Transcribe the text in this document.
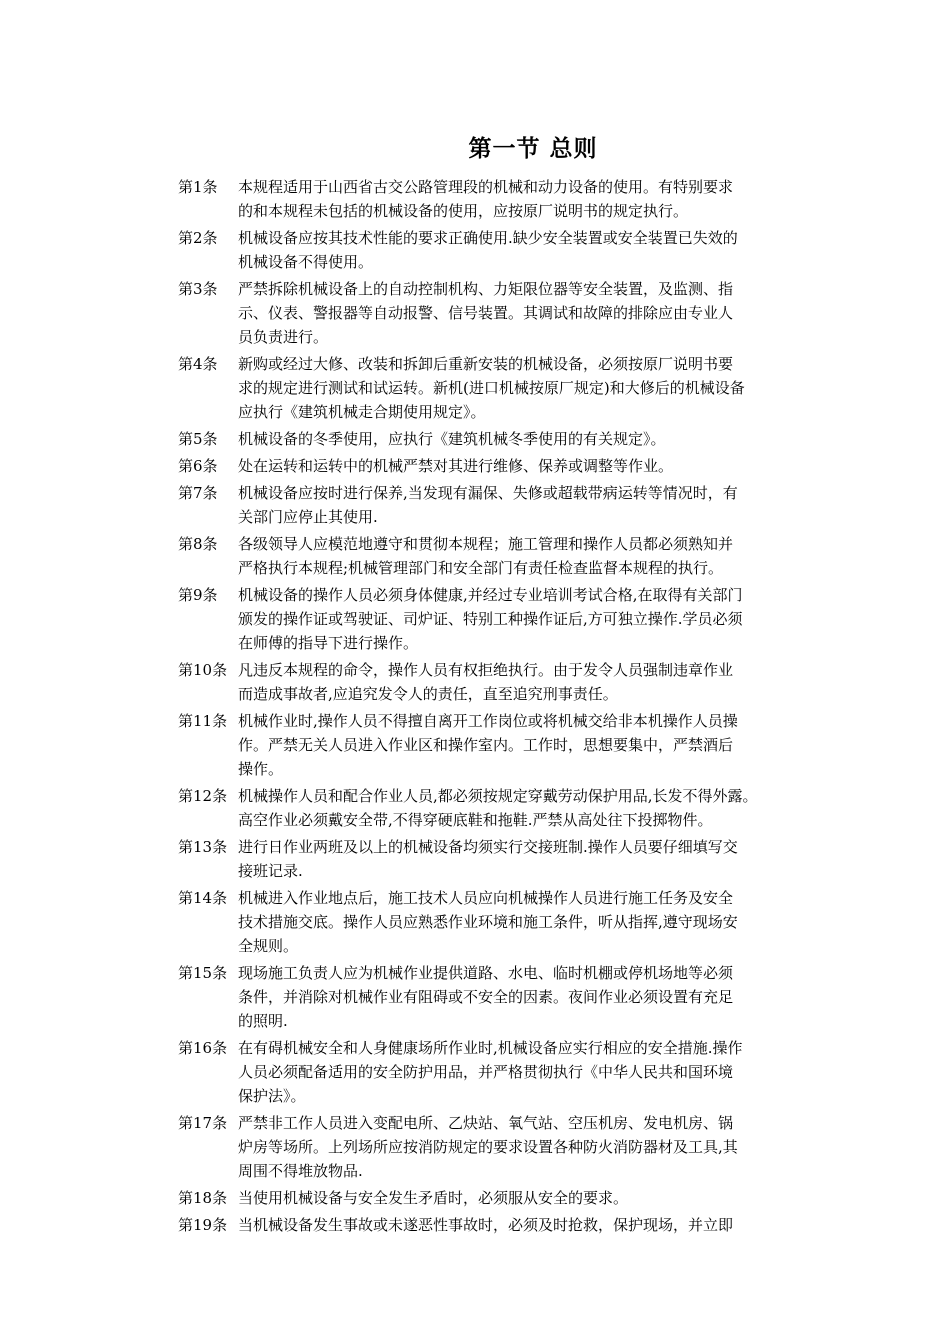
第一节 总则
第1条	本规程适用于山西省古交公路管理段的机械和动力设备的使用。有特别要求
的和本规程未包括的机械设备的使用，应按原厂说明书的规定执行。
第2条	机械设备应按其技术性能的要求正确使用.缺少安全装置或安全装置已失效的
机械设备不得使用。
第3条	严禁拆除机械设备上的自动控制机构、力矩限位器等安全装置，及监测、指
示、仪表、警报器等自动报警、信号装置。其调试和故障的排除应由专业人
员负责进行。
第4条	新购或经过大修、改装和拆卸后重新安装的机械设备，必须按原厂说明书要
求的规定进行测试和试运转。新机(进口机械按原厂规定)和大修后的机械设备
应执行《建筑机械走合期使用规定》。
第5条	机械设备的冬季使用，应执行《建筑机械冬季使用的有关规定》。
第6条	处在运转和运转中的机械严禁对其进行维修、保养或调整等作业。
第7条	机械设备应按时进行保养,当发现有漏保、失修或超载带病运转等情况时，有
关部门应停止其使用.
第8条	各级领导人应模范地遵守和贯彻本规程；施工管理和操作人员都必须熟知并
严格执行本规程;机械管理部门和安全部门有责任检查监督本规程的执行。
第9条	机械设备的操作人员必须身体健康,并经过专业培训考试合格,在取得有关部门
颁发的操作证或驾驶证、司炉证、特别工种操作证后,方可独立操作.学员必须
在师傅的指导下进行操作。
第10条 凡违反本规程的命令，操作人员有权拒绝执行。由于发令人员强制违章作业
而造成事故者,应追究发令人的责任，直至追究刑事责任。
第11条 机械作业时,操作人员不得擅自离开工作岗位或将机械交给非本机操作人员操
作。严禁无关人员进入作业区和操作室内。工作时，思想要集中，严禁酒后
操作。
第12条 机械操作人员和配合作业人员,都必须按规定穿戴劳动保护用品,长发不得外露。
高空作业必须戴安全带,不得穿硬底鞋和拖鞋.严禁从高处往下投掷物件。
第13条 进行日作业两班及以上的机械设备均须实行交接班制.操作人员要仔细填写交
接班记录.
第14条 机械进入作业地点后，施工技术人员应向机械操作人员进行施工任务及安全
技术措施交底。操作人员应熟悉作业环境和施工条件，听从指挥,遵守现场安
全规则。
第15条 现场施工负责人应为机械作业提供道路、水电、临时机棚或停机场地等必须
条件，并消除对机械作业有阻碍或不安全的因素。夜间作业必须设置有充足
的照明.
第16条 在有碍机械安全和人身健康场所作业时,机械设备应实行相应的安全措施.操作
人员必须配备适用的安全防护用品，并严格贯彻执行《中华人民共和国环境
保护法》。
第17条 严禁非工作人员进入变配电所、乙炔站、氧气站、空压机房、发电机房、锅
炉房等场所。上列场所应按消防规定的要求设置各种防火消防器材及工具,其
周围不得堆放物品.
第18条 当使用机械设备与安全发生矛盾时，必须服从安全的要求。
第19条 当机械设备发生事故或未遂恶性事故时，必须及时抢救，保护现场，并立即
